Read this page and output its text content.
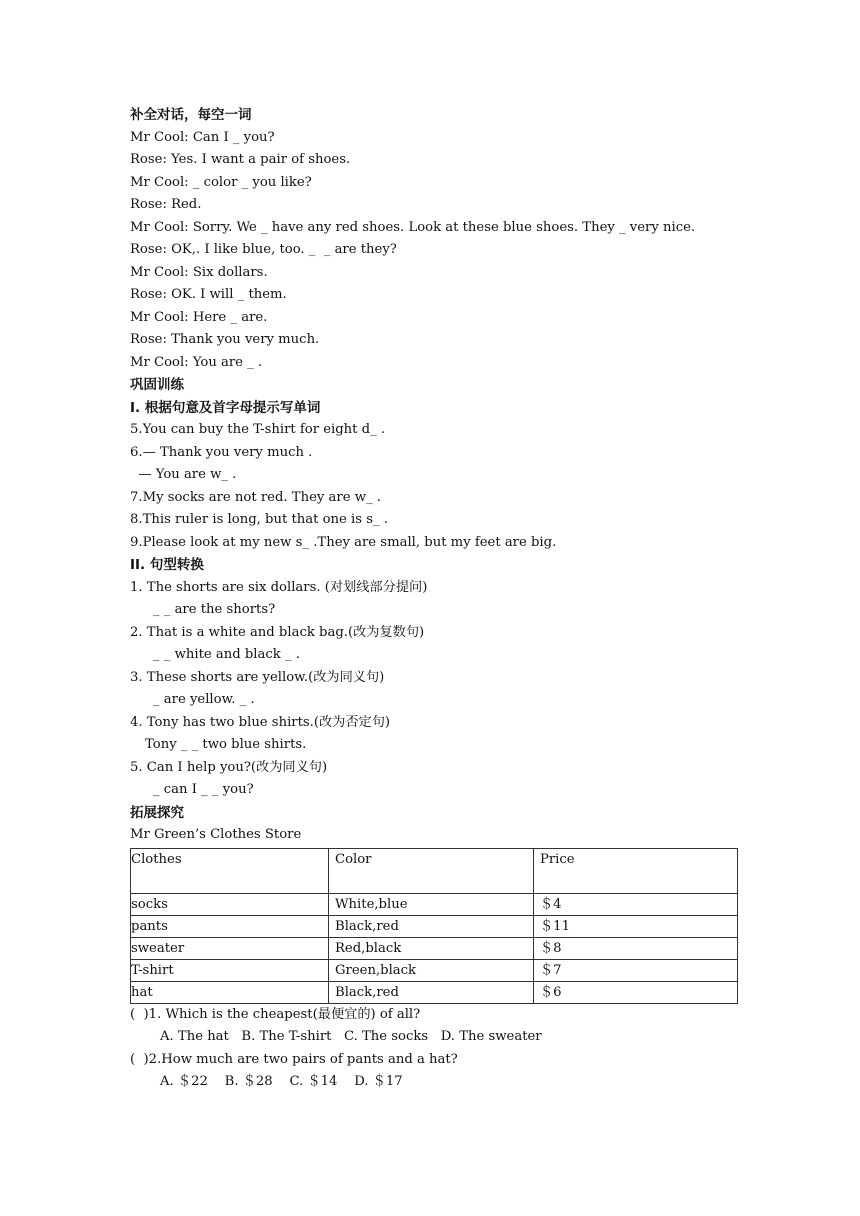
补全对话，每空一词
Mr Cool: Can I _ you?
Rose: Yes. I want a pair of shoes.
Mr Cool: _ color _ you like?
Rose: Red.
Mr Cool: Sorry. We _ have any red shoes. Look at these blue shoes. They _ very nice.
Rose: OK,. I like blue, too. _  _ are they?
Mr Cool: Six dollars.
Rose: OK. I will _ them.
Mr Cool: Here _ are.
Rose: Thank you very much.
Mr Cool: You are _ .
巩固训练
I. 根据句意及首字母提示写单词
5.You can buy the T-shirt for eight d_ .
6.— Thank you very much .
— You are w_ .
7.My socks are not red. They are w_ .
8.This ruler is long, but that one is s_ .
9.Please look at my new s_ .They are small, but my feet are big.
II. 句型转换
1. The shorts are six dollars. (对划线部分提问)
_ _ are the shorts?
2. That is a white and black bag.(改为复数句)
_ _ white and black _ .
3. These shorts are yellow.(改为同义句)
_ are yellow. _ .
4. Tony has two blue shirts.(改为否定句)
Tony _ _ two blue shirts.
5. Can I help you?(改为同义句)
_ can I _ _ you?
拓展探究
Mr Green’s Clothes Store
Clothes	Color	Price
socks	White,blue	＄4
pants	Black,red	＄11
sweater	Red,black	＄8
T-shirt	Green,black	＄7
hat	Black,red	＄6
(  )1. Which is the cheapest(最便宜的) of all?
A. The hat   B. The T-shirt   C. The socks   D. The sweater
(  )2.How much are two pairs of pants and a hat?
A. ＄22    B. ＄28    C. ＄14    D. ＄17
